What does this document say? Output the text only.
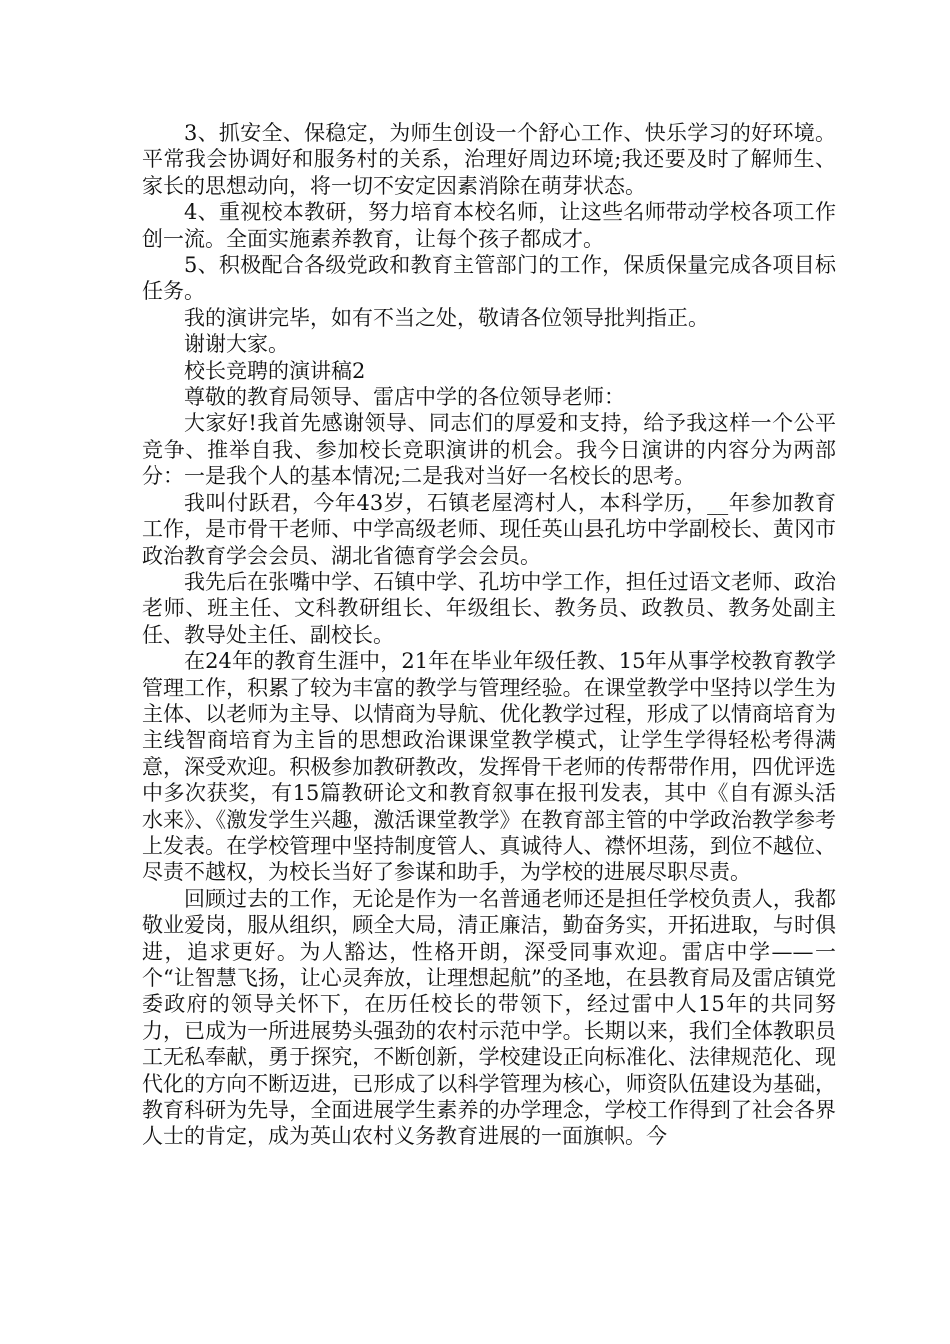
3、抓安全、保稳定，为师生创设一个舒心工作、快乐学习的好环境。平常我会协调好和服务村的关系，治理好周边环境;我还要及时了解师生、家长的思想动向，将一切不安定因素消除在萌芽状态。

4、重视校本教研，努力培育本校名师，让这些名师带动学校各项工作创一流。全面实施素养教育，让每个孩子都成才。

5、积极配合各级党政和教育主管部门的工作，保质保量完成各项目标任务。

我的演讲完毕，如有不当之处，敬请各位领导批判指正。

谢谢大家。

校长竞聘的演讲稿2

尊敬的教育局领导、雷店中学的各位领导老师：

大家好!我首先感谢领导、同志们的厚爱和支持，给予我这样一个公平竞争、推举自我、参加校长竞职演讲的机会。我今日演讲的内容分为两部分：一是我个人的基本情况;二是我对当好一名校长的思考。

我叫付跃君，今年43岁，石镇老屋湾村人，本科学历，__年参加教育工作，是市骨干老师、中学高级老师、现任英山县孔坊中学副校长、黄冈市政治教育学会会员、湖北省德育学会会员。

我先后在张嘴中学、石镇中学、孔坊中学工作，担任过语文老师、政治老师、班主任、文科教研组长、年级组长、教务员、政教员、教务处副主任、教导处主任、副校长。

在24年的教育生涯中，21年在毕业年级任教、15年从事学校教育教学管理工作，积累了较为丰富的教学与管理经验。在课堂教学中坚持以学生为主体、以老师为主导、以情商为导航、优化教学过程，形成了以情商培育为主线智商培育为主旨的思想政治课课堂教学模式，让学生学得轻松考得满意，深受欢迎。积极参加教研教改，发挥骨干老师的传帮带作用，四优评选中多次获奖，有15篇教研论文和教育叙事在报刊发表，其中《自有源头活水来》、《激发学生兴趣，激活课堂教学》在教育部主管的中学政治教学参考上发表。在学校管理中坚持制度管人、真诚待人、襟怀坦荡，到位不越位、尽责不越权，为校长当好了参谋和助手，为学校的进展尽职尽责。

回顾过去的工作，无论是作为一名普通老师还是担任学校负责人，我都敬业爱岗，服从组织，顾全大局，清正廉洁，勤奋务实，开拓进取，与时俱进，追求更好。为人豁达，性格开朗，深受同事欢迎。雷店中学——一个“让智慧飞扬，让心灵奔放，让理想起航”的圣地，在县教育局及雷店镇党委政府的领导关怀下，在历任校长的带领下，经过雷中人15年的共同努力，已成为一所进展势头强劲的农村示范中学。长期以来，我们全体教职员工无私奉献，勇于探究，不断创新，学校建设正向标准化、法律规范化、现代化的方向不断迈进，已形成了以科学管理为核心，师资队伍建设为基础，教育科研为先导，全面进展学生素养的办学理念，学校工作得到了社会各界人士的肯定，成为英山农村义务教育进展的一面旗帜。今
